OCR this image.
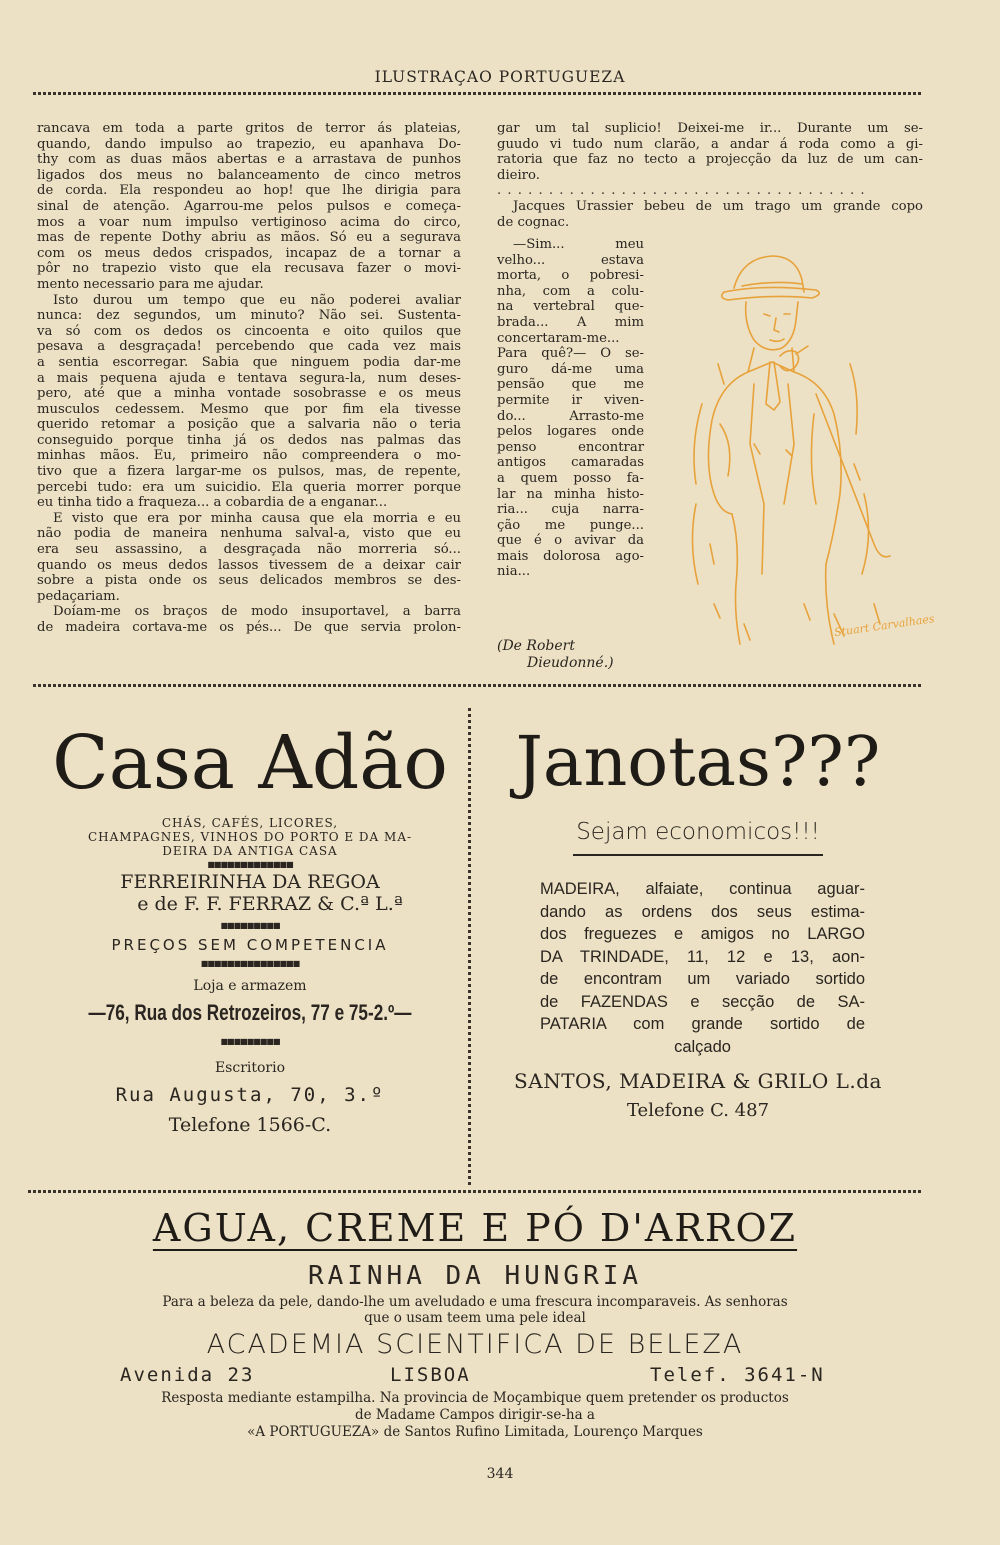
ILUSTRAÇAO PORTUGUEZA
rancava em toda a parte gritos de terror ás plateias,
quando, dando impulso ao trapezio, eu apanhava Do-
thy com as duas mãos abertas e a arrastava de punhos
ligados dos meus no balanceamento de cinco metros
de corda. Ela respondeu ao hop! que lhe dirigia para
sinal de atenção. Agarrou-me pelos pulsos e começa-
mos a voar num impulso vertiginoso acima do circo,
mas de repente Dothy abriu as mãos. Só eu a segurava
com os meus dedos crispados, incapaz de a tornar a
pôr no trapezio visto que ela recusava fazer o movi-
mento necessario para me ajudar.
Isto durou um tempo que eu não poderei avaliar
nunca: dez segundos, um minuto? Não sei. Sustenta-
va só com os dedos os cincoenta e oito quilos que
pesava a desgraçada! percebendo que cada vez mais
a sentia escorregar. Sabia que ninguem podia dar-me
a mais pequena ajuda e tentava segura-la, num deses-
pero, até que a minha vontade sosobrasse e os meus
musculos cedessem. Mesmo que por fim ela tivesse
querido retomar a posição que a salvaria não o teria
conseguido porque tinha já os dedos nas palmas das
minhas mãos. Eu, primeiro não compreendera o mo-
tivo que a fizera largar-me os pulsos, mas, de repente,
percebi tudo: era um suicidio. Ela queria morrer porque
eu tinha tido a fraqueza... a cobardia de a enganar...
E visto que era por minha causa que ela morria e eu
não podia de maneira nenhuma salval-a, visto que eu
era seu assassino, a desgraçada não morreria só...
quando os meus dedos lassos tivessem de a deixar cair
sobre a pista onde os seus delicados membros se des-
pedaçariam.
Doíam-me os braços de modo insuportavel, a barra
de madeira cortava-me os pés... De que servia prolon-
gar um tal suplicio! Deixei-me ir... Durante um se-
guudo vi tudo num clarão, a andar á roda como a gi-
ratoria que faz no tecto a projecção da luz de um can-
dieiro.
. . . . . . . . . . . . . . . . . . . . . . . . . . . . . . . . . . . .
Jacques Urassier bebeu de um trago um grande copo
de cognac.
—Sim... meu
velho... estava
morta, o pobresi-
nha, com a colu-
na vertebral que-
brada... A mim
concertaram-me...
Para quê?— O se-
guro dá-me uma
pensão que me
permite ir viven-
do... Arrasto-me
pelos logares onde
penso encontrar
antigos camaradas
a quem posso fa-
lar na minha histo-
ria... cuja narra-
ção me punge...
que é o avivar da
mais dolorosa ago-
nia...
(De Robert
Dieudonné.)
Stuart Carvalhaes
Casa Adão
CHÁS, CAFÉS, LICORES,
CHAMPAGNES, VINHOS DO PORTO E DA MA-
DEIRA DA ANTIGA CASA
■■■■■■■■■■■■■
FERREIRINHA DA REGOA
e de F. F. FERRAZ & C.ª L.ª
■■■■■■■■■
PREÇOS SEM COMPETENCIA
■■■■■■■■■■■■■■■
Loja e armazem
—76, Rua dos Retrozeiros, 77 e 75-2.º—
■■■■■■■■■
Escritorio
Rua Augusta, 70, 3.º
Telefone 1566-C.
Janotas???
Sejam economicos!!!
MADEIRA, alfaiate, continua aguar-
dando as ordens dos seus estima-
dos freguezes e amigos no LARGO
DA TRINDADE, 11, 12 e 13, aon-
de encontram um variado sortido
de FAZENDAS e secção de SA-
PATARIA com grande sortido de
calçado
SANTOS, MADEIRA & GRILO L.da
Telefone C. 487
AGUA, CREME E PÓ D'ARROZ
RAINHA DA HUNGRIA
Para a beleza da pele, dando-lhe um aveludado e uma frescura incomparaveis. As senhoras
que o usam teem uma pele ideal
ACADEMIA SCIENTIFICA DE BELEZA
Avenida 23	LISBOA	Telef. 3641-N
Resposta mediante estampilha. Na provincia de Moçambique quem pretender os productos
de Madame Campos dirigir-se-ha a
«A PORTUGUEZA» de Santos Rufino Limitada, Lourenço Marques
344
